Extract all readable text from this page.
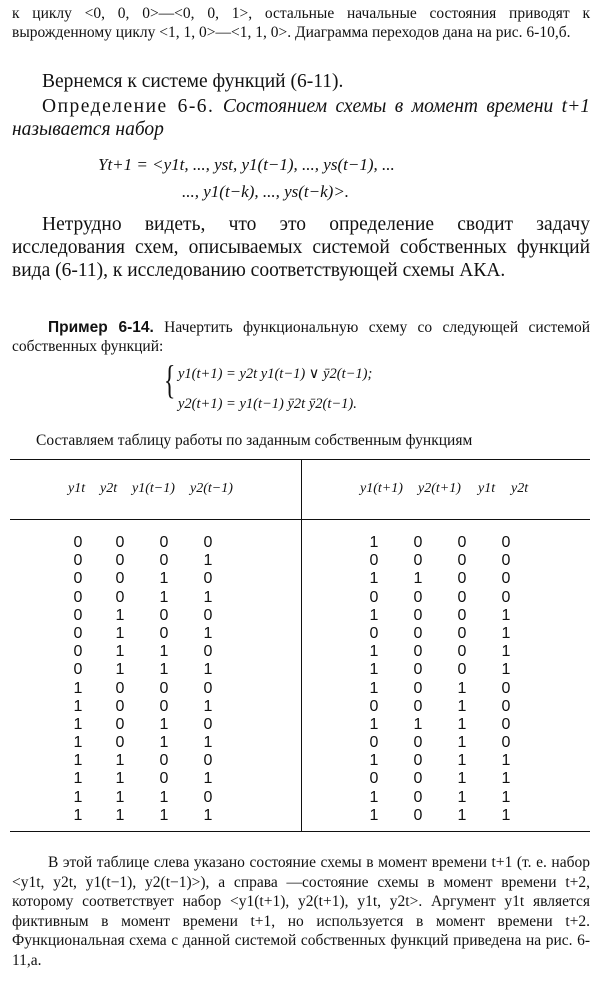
к циклу <0, 0, 0>—<0, 0, 1>, остальные начальные состояния приводят к вырожденному циклу <1, 1, 0>—<1, 1, 0>. Диаграмма переходов дана на рис. 6-10,б.

Вернемся к системе функций (6-11).

Определение 6-6. Состоянием схемы в момент времени t+1 называется набор

Yt+1 = <y1t, ..., yst, y1(t−1), ..., ys(t−1), ...
..., y1(t−k), ..., ys(t−k)>.

Нетрудно видеть, что это определение сводит задачу исследования схем, описываемых системой собственных функций вида (6-11), к исследованию соответствующей схемы АКА.

Пример 6-14. Начертить функциональную схему со следующей системой собственных функций:

{ y1(t+1) = y2t y1(t−1) ∨ ȳ2(t−1);
y2(t+1) = y1(t−1) ȳ2t ȳ2(t−1).
Составляем таблицу работы по заданным собственным функциям
y1t y2t y1(t−1) y2(t−1)	y1(t+1) y2(t+1) y1t y2t
0 0 0 0
0 0 0 1
0 0 1 0
0 0 1 1
0 1 0 0
0 1 0 1
0 1 1 0
0 1 1 1
1 0 0 0
1 0 0 1
1 0 1 0
1 0 1 1
1 1 0 0
1 1 0 1
1 1 1 0
1 1 1 1
1 0 0 0
0 0 0 0
1 1 0 0
0 0 0 0
1 0 0 1
0 0 0 1
1 0 0 1
1 0 0 1
1 0 1 0
0 0 1 0
1 1 1 0
0 0 1 0
1 0 1 1
0 0 1 1
1 0 1 1
1 0 1 1
В этой таблице слева указано состояние схемы в момент времени t+1 (т. е. набор <y1t, y2t, y1(t−1), y2(t−1)>), а справа —состояние схемы в момент времени t+2, которому соответствует набор <y1(t+1), y2(t+1), y1t, y2t>. Аргумент y1t является фиктивным в момент времени t+1, но используется в момент времени t+2. Функциональная схема с данной системой собственных функций приведена на рис. 6-11,а.
